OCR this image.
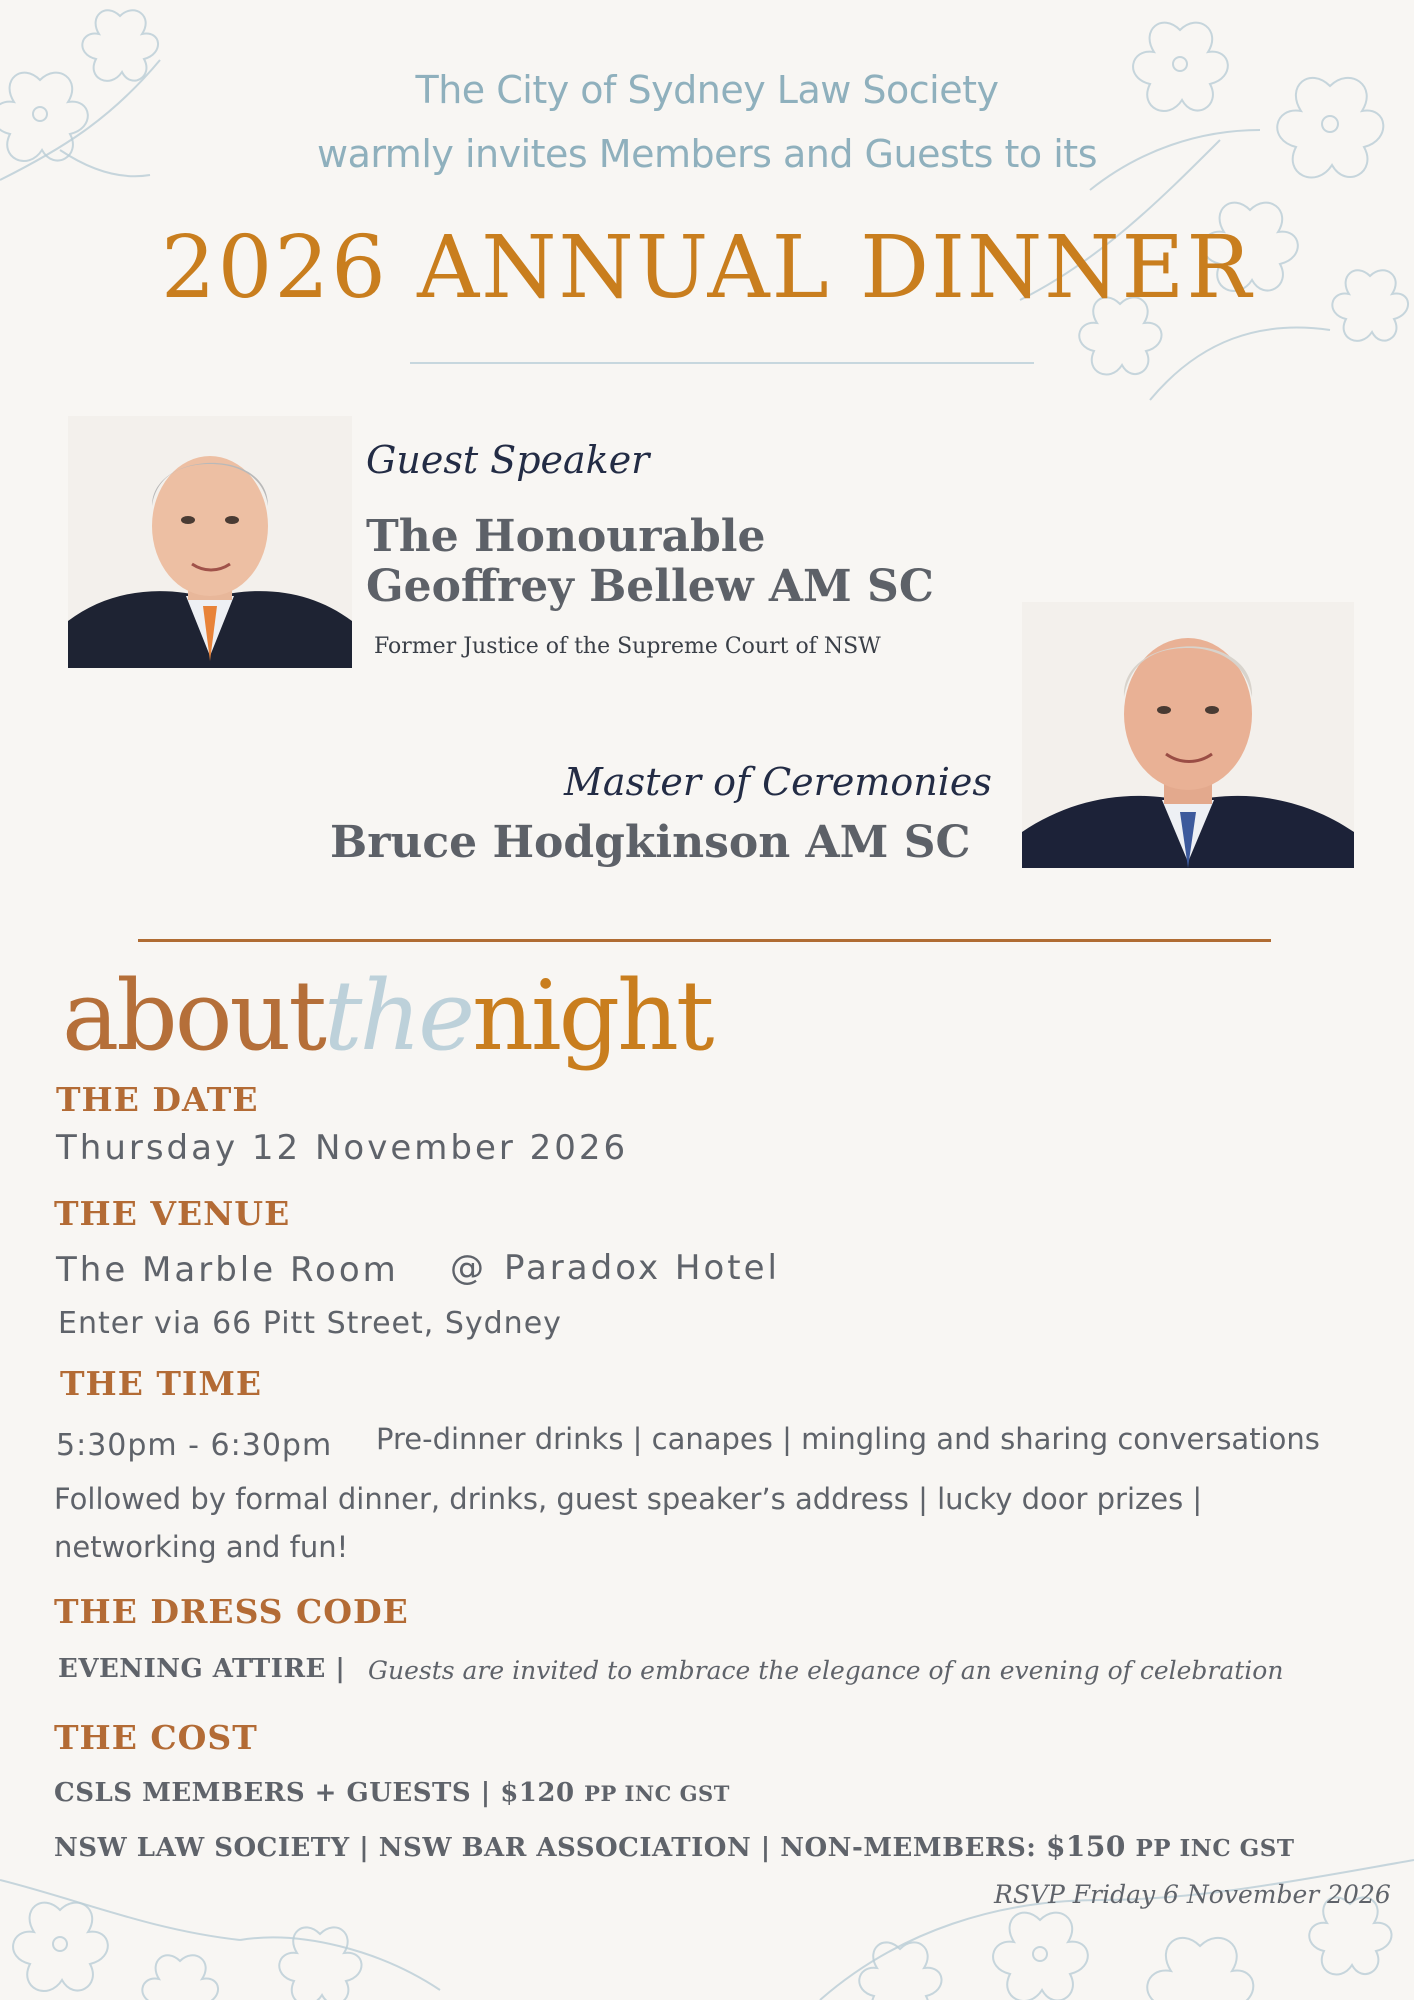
The City of Sydney Law Society
warmly invites Members and Guests to its
2026 ANNUAL DINNER
Guest Speaker
The Honourable
Geoffrey Bellew AM SC
Former Justice of the Supreme Court of NSW
Master of Ceremonies
Bruce Hodgkinson AM SC
aboutthenight
THE DATE
Thursday 12 November 2026
THE VENUE
The Marble Room @ Paradox Hotel
Enter via 66 Pitt Street, Sydney
THE TIME
5:30pm - 6:30pm Pre-dinner drinks | canapes | mingling and sharing conversations
Followed by formal dinner, drinks, guest speaker’s address | lucky door prizes |
networking and fun!
THE DRESS CODE
EVENING ATTIRE | Guests are invited to embrace the elegance of an evening of celebration
THE COST
CSLS MEMBERS + GUESTS | $120 PP INC GST
NSW LAW SOCIETY | NSW BAR ASSOCIATION | NON-MEMBERS: $150 PP INC GST
RSVP Friday 6 November 2026
